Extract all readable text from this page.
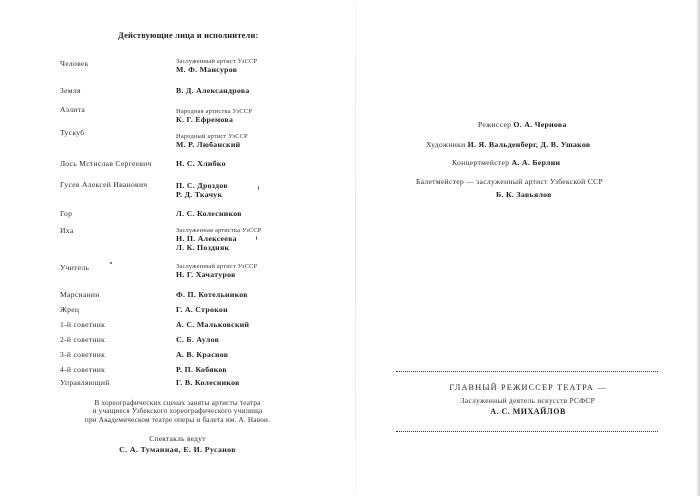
Действующие лица и исполнители:
Человек	Заслуженный артист УзССР
М. Ф. Мансуров
Земля	В. Д. Александрова
Аэлита	Народная артистка УзССР
К. Г. Ефремова
Тускуб	Народный артист УзССР
М. Р. Любанский
Лось Мстислав Сергеевич	Н. С. Хлибко
Гусев Алексей Иванович	П. С. Дроздов
Р. Д. Ткачук
Гор	Л. С. Колесников
Ихa	Заслуженная артистка УзССР
Н. П. Алексеева
Л. К. Поздняк
Учитель	Заслуженный артист УзССР
Н. Г. Хачатуров
Марсианин	Ф. П. Котельников
Жрец	Г. А. Строкон
1-й советник	А. С. Мальковский
2-й советник	С. Б. Аулов
3-й советник	А. В. Краснов
4-й советник	Р. П. Кобяков
Управляющий	Г. В. Колесников
В хореографических сценах заняты артисты театра
и учащиеся Узбекского хореографического училища
при Академическом театре оперы и балета им. А. Навои.
Спектакль ведут
С. А. Туманная, Е. И. Русанов
Режиссер О. А. Чернова
Художники И. Я. Вальденберг, Д. В. Ушаков
Концертмейстер А. А. Берлин
Балетмейстер — заслуженный артист Узбекской ССР
Б. К. Завьялов
ГЛАВНЫЙ РЕЖИССЕР ТЕАТРА —
Заслуженный деятель искусств РСФСР
А. С. МИХАЙЛОВ
